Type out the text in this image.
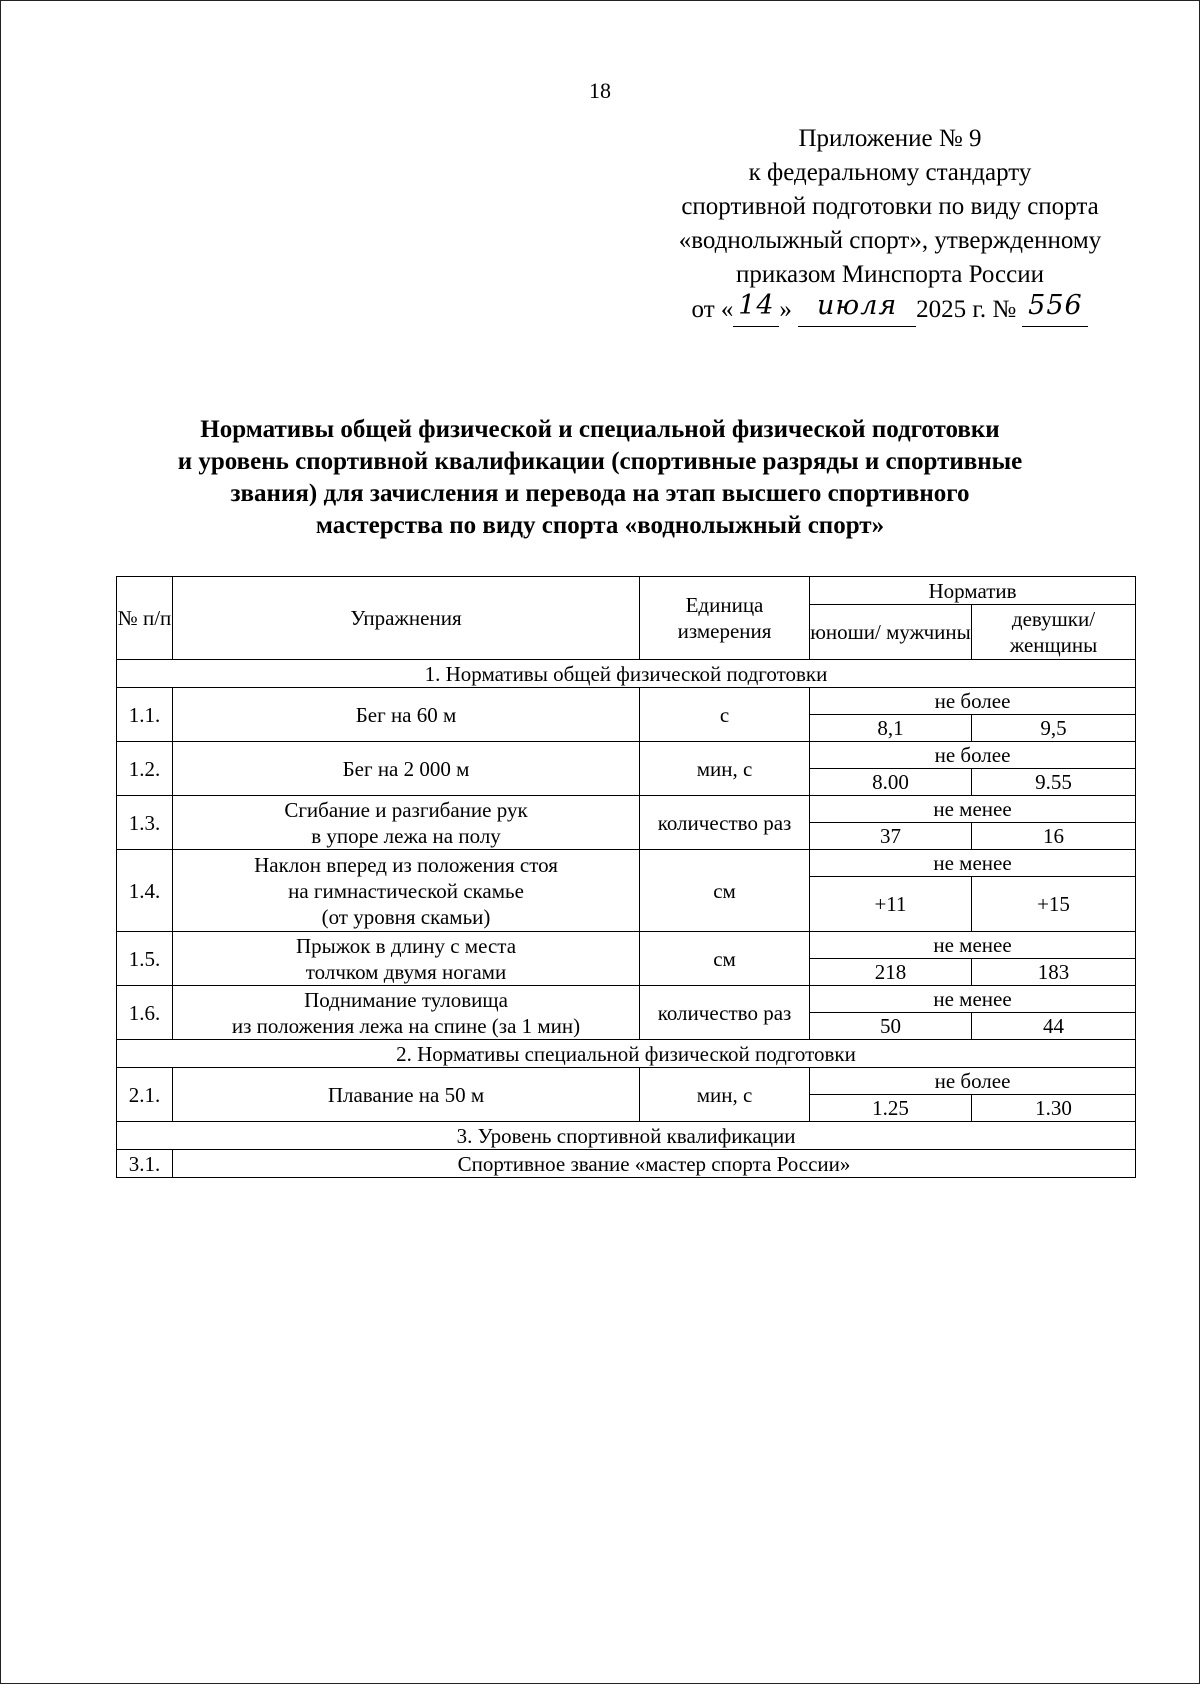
18
Приложение № 9
к федеральному стандарту
спортивной подготовки по виду спорта
«воднолыжный спорт», утвержденному
приказом Минспорта России
от « 14 » июля 2025 г. № 556
Нормативы общей физической и специальной физической подготовки
и уровень спортивной квалификации (спортивные разряды и спортивные
звания) для зачисления и перевода на этап высшего спортивного
мастерства по виду спорта «воднолыжный спорт»
№ п/п	Упражнения	Единица измерения	Норматив	
			юноши/ мужчины	девушки/ женщины
1. Нормативы общей физической подготовки				
1.1.	Бег на 60 м	с	не более	
			8,1	9,5
1.2.	Бег на 2 000 м	мин, с	не более	
			8.00	9.55
1.3.	Сгибание и разгибание рук
в упоре лежа на полу	количество раз	не менее	
			37	16
1.4.	Наклон вперед из положения стоя
на гимнастической скамье
(от уровня скамьи)	см	не менее	
			+11	+15
1.5.	Прыжок в длину с места
толчком двумя ногами	см	не менее	
			218	183
1.6.	Поднимание туловища
из положения лежа на спине (за 1 мин)	количество раз	не менее	
			50	44
2. Нормативы специальной физической подготовки				
2.1.	Плавание на 50 м	мин, с	не более	
			1.25	1.30
3. Уровень спортивной квалификации				
3.1.	Спортивное звание «мастер спорта России»			
